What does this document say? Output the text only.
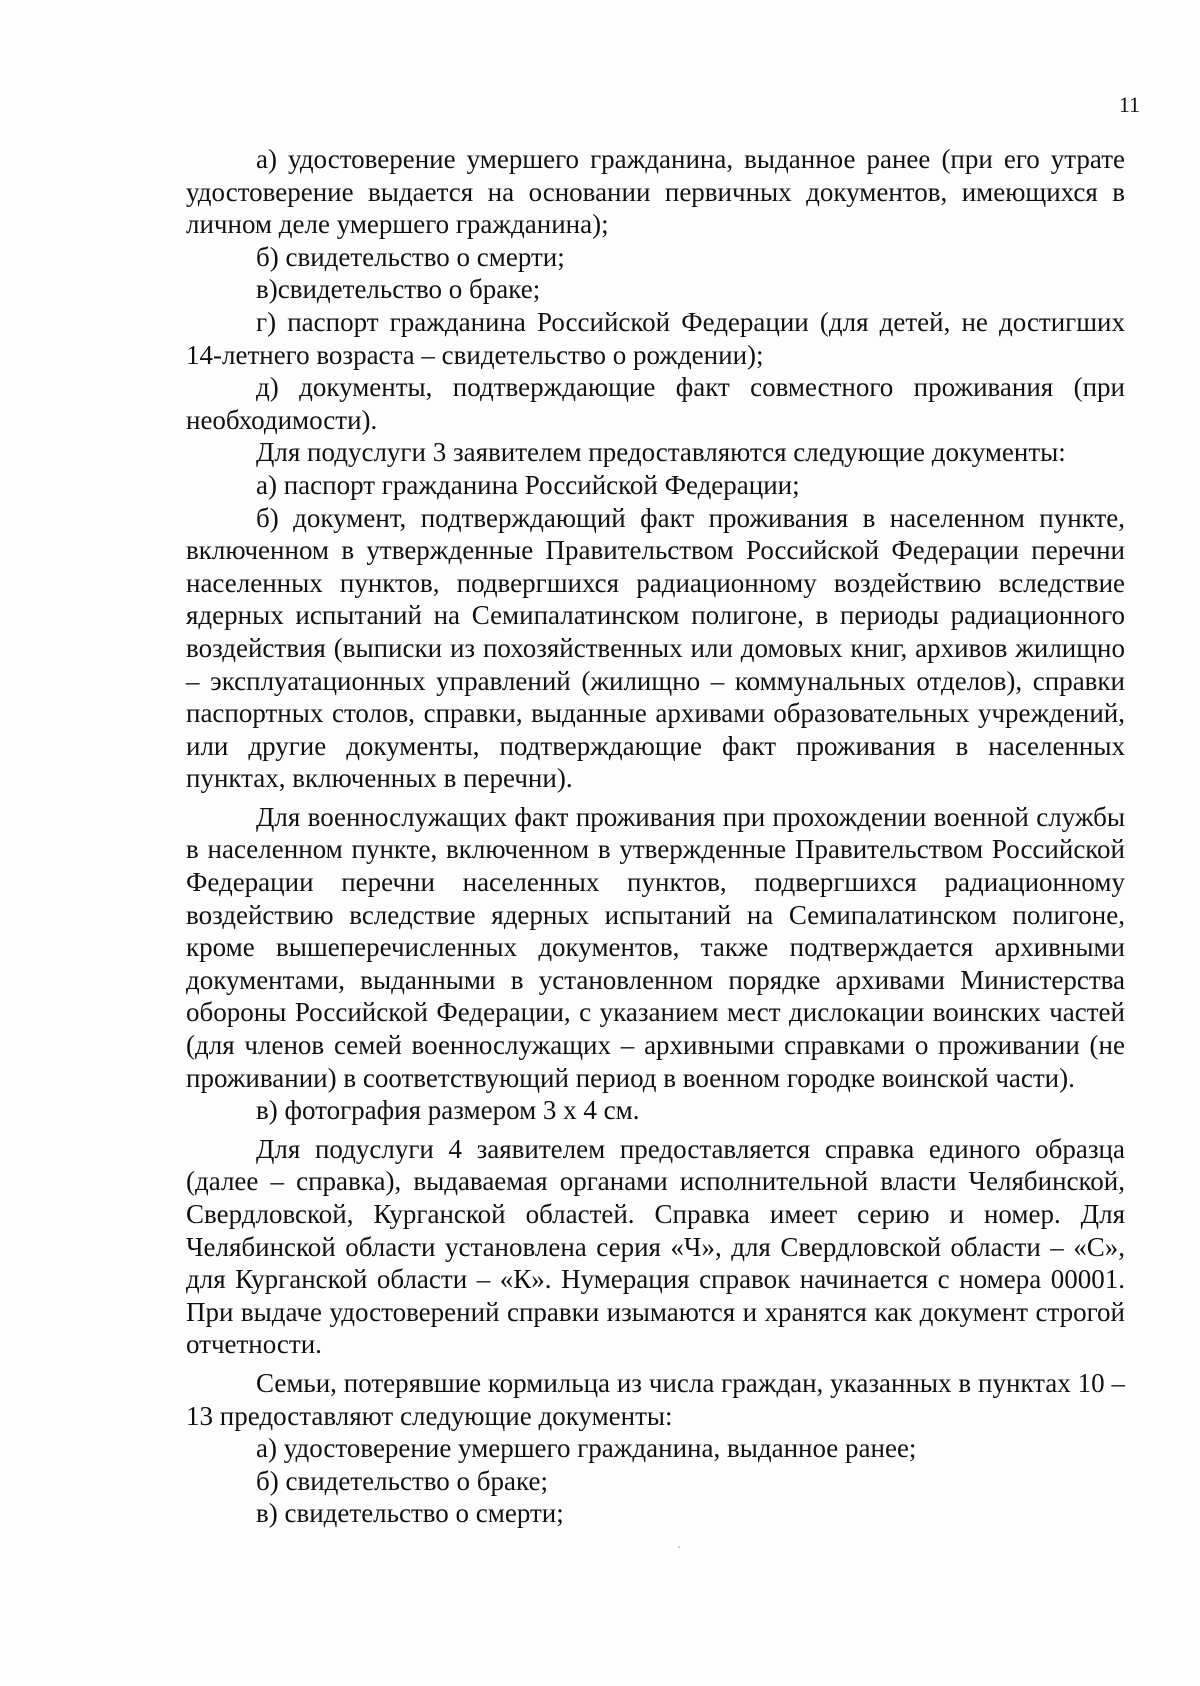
11

а) удостоверение умершего гражданина, выданное ранее (при его утрате удостоверение выдается на основании первичных документов, имеющихся в личном деле умершего гражданина);

б) свидетельство о смерти;

в)свидетельство о браке;

г) паспорт гражданина Российской Федерации (для детей, не достигших 14-летнего возраста – свидетельство о рождении);

д) документы, подтверждающие факт совместного проживания (при необходимости).

Для подуслуги 3 заявителем предоставляются следующие документы:

а) паспорт гражданина Российской Федерации;

б) документ, подтверждающий факт проживания в населенном пункте, включенном в утвержденные Правительством Российской Федерации перечни населенных пунктов, подвергшихся радиационному воздействию вследствие ядерных испытаний на Семипалатинском полигоне, в периоды радиационного воздействия (выписки из похозяйственных или домовых книг, архивов жилищно – эксплуатационных управлений (жилищно – коммунальных отделов), справки паспортных столов, справки, выданные архивами образовательных учреждений, или другие документы, подтверждающие факт проживания в населенных пунктах, включенных в перечни).

Для военнослужащих факт проживания при прохождении военной службы в населенном пункте, включенном в утвержденные Правительством Российской Федерации перечни населенных пунктов, подвергшихся радиационному воздействию вследствие ядерных испытаний на Семипалатинском полигоне, кроме вышеперечисленных документов, также подтверждается архивными документами, выданными в установленном порядке архивами Министерства обороны Российской Федерации, с указанием мест дислокации воинских частей (для членов семей военнослужащих – архивными справками о проживании (не проживании) в соответствующий период в военном городке воинской части).

в) фотография размером 3 х 4 см.

Для подуслуги 4 заявителем предоставляется справка единого образца (далее – справка), выдаваемая органами исполнительной власти Челябинской, Свердловской, Курганской областей. Справка имеет серию и номер. Для Челябинской области установлена серия «Ч», для Свердловской области – «С», для Курганской области – «К». Нумерация справок начинается с номера 00001. При выдаче удостоверений справки изымаются и хранятся как документ строгой отчетности.

Семьи, потерявшие кормильца из числа граждан, указанных в пунктах 10 – 13 предоставляют следующие документы:

а) удостоверение умершего гражданина, выданное ранее;

б) свидетельство о браке;

в) свидетельство о смерти;
